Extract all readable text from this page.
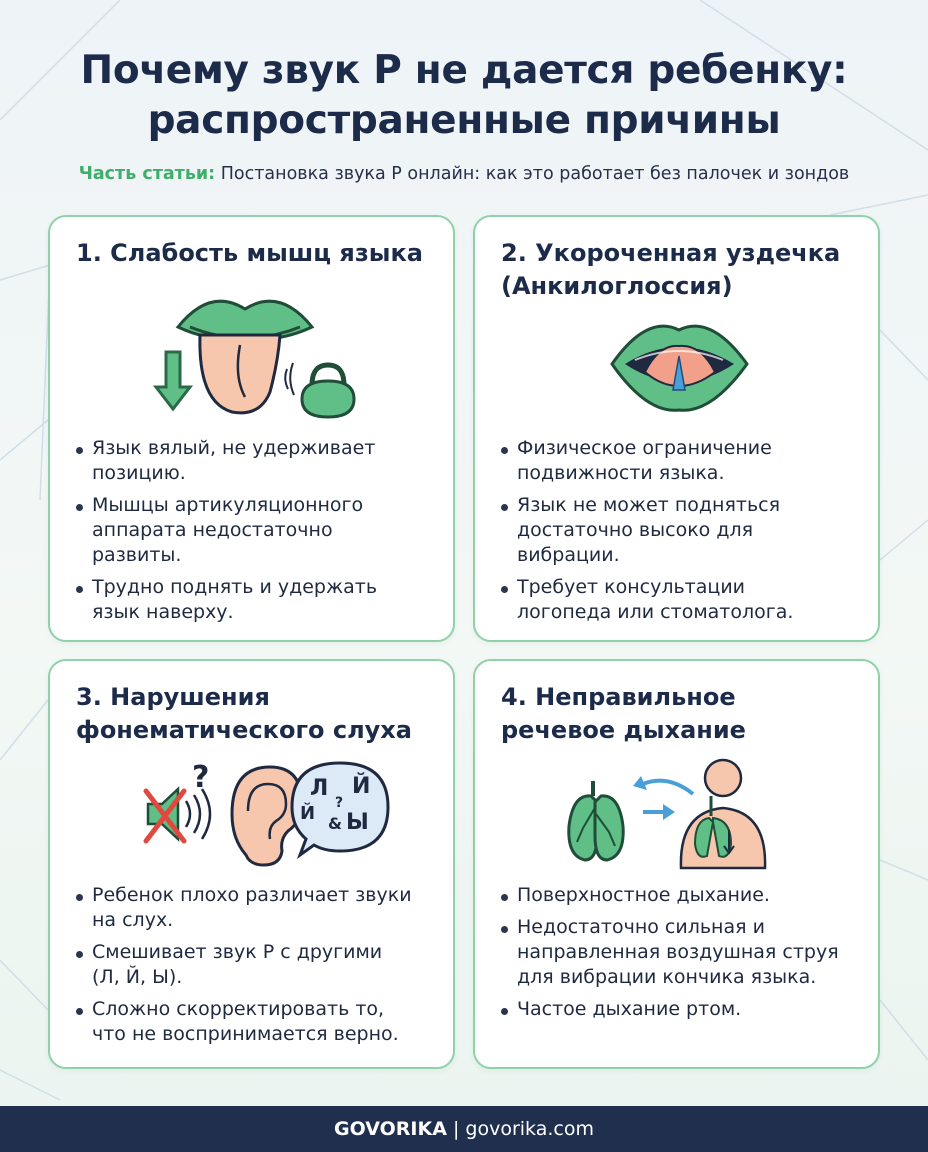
Почему звук Р не дается ребенку:
распространенные причины
Часть статьи: Постановка звука Р онлайн: как это работает без палочек и зондов
1. Слабость мышц языка
Язык вялый, не удерживает
позицию.
Мышцы артикуляционного
аппарата недостаточно
развиты.
Трудно поднять и удержать
язык наверху.
2. Укороченная уздечка
(Анкилоглоссия)
Физическое ограничение
подвижности языка.
Язык не может подняться
достаточно высоко для
вибрации.
Требует консультации
логопеда или стоматолога.
3. Нарушения
фонематического слуха
?	Л Й
?
Й & Ы
Ребенок плохо различает звуки
на слух.
Смешивает звук Р с другими
(Л, Й, Ы).
Сложно скорректировать то,
что не воспринимается верно.
4. Неправильное
речевое дыхание
Поверхностное дыхание.
Недостаточно сильная и
направленная воздушная струя
для вибрации кончика языка.
Частое дыхание ртом.
GOVORIKA | govorika.com
